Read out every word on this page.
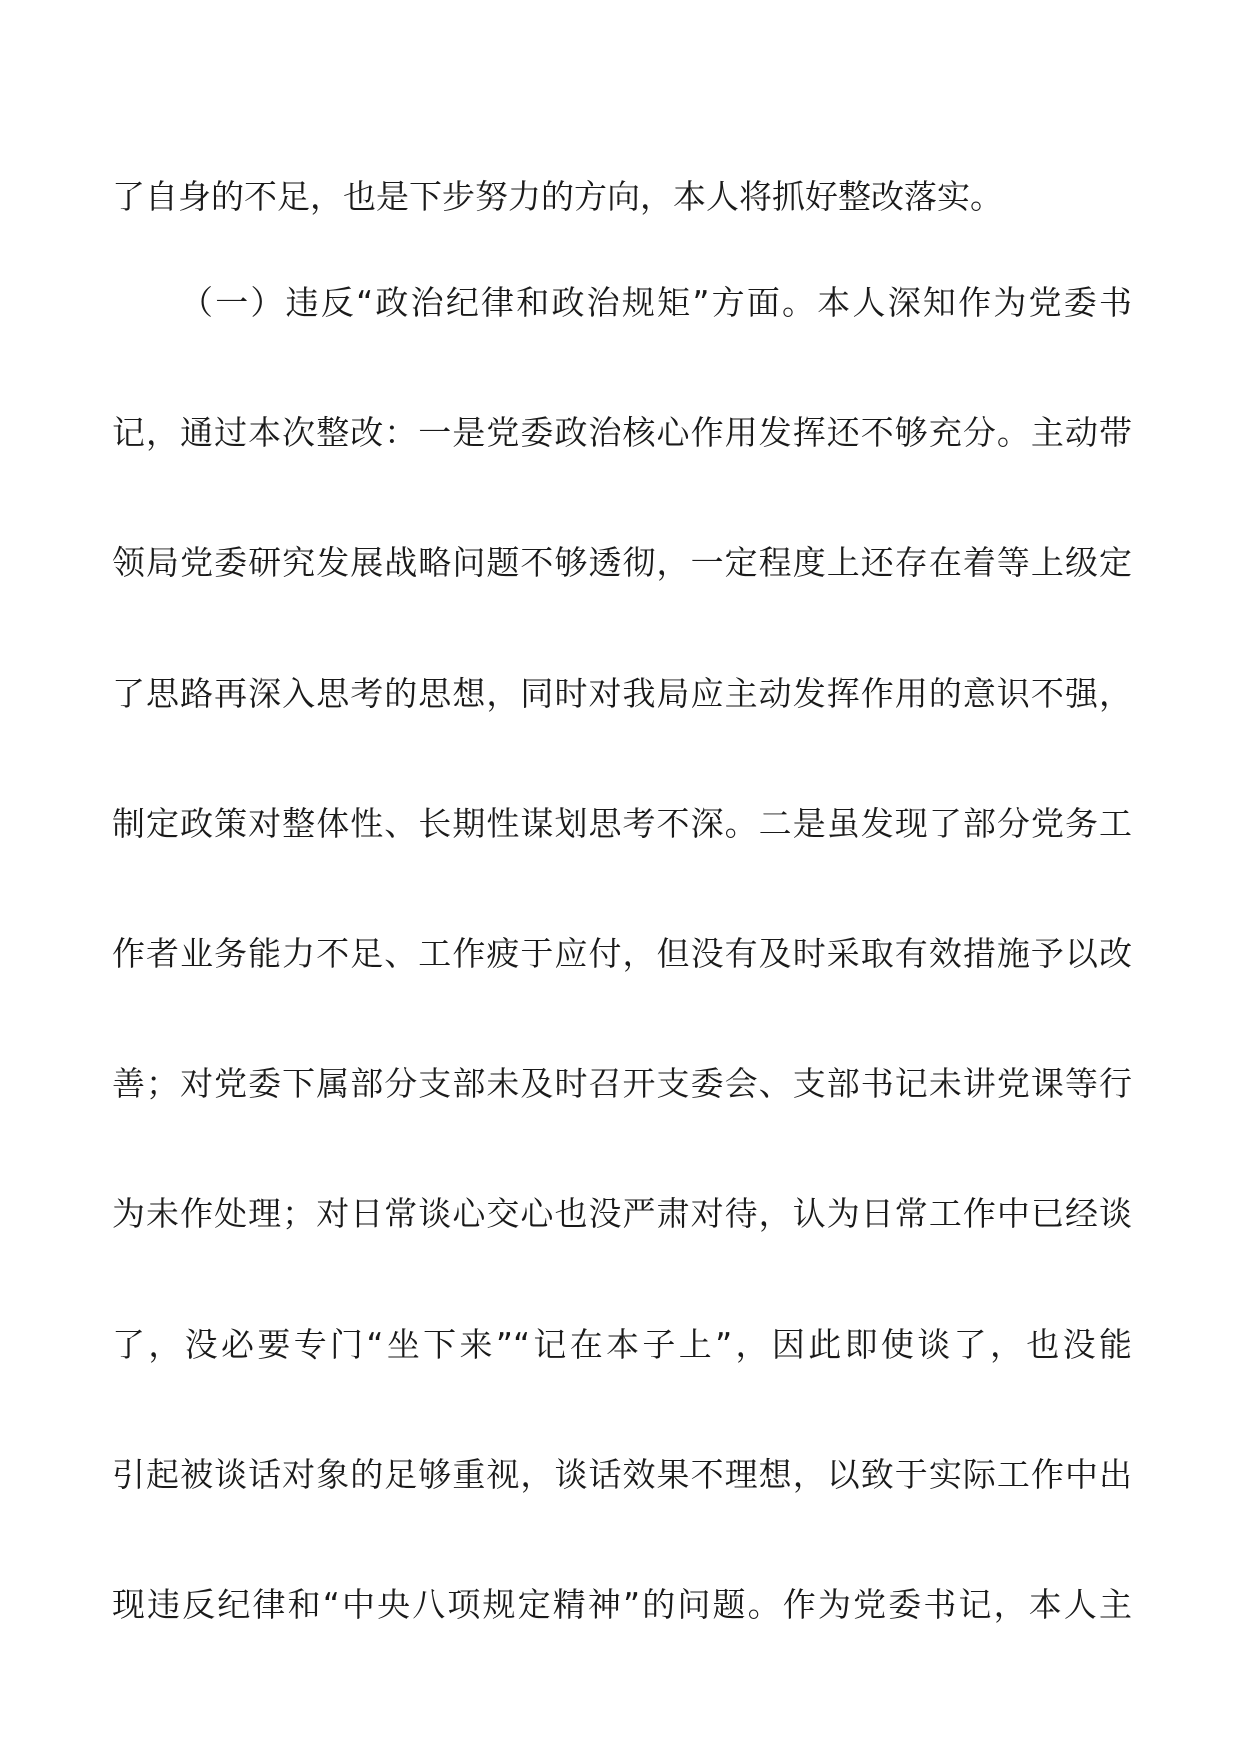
了自身的不足，也是下步努力的方向，本人将抓好整改落实。
（一）违反“政治纪律和政治规矩”方面。本人深知作为党委书
记，通过本次整改：一是党委政治核心作用发挥还不够充分。主动带
领局党委研究发展战略问题不够透彻，一定程度上还存在着等上级定
了思路再深入思考的思想，同时对我局应主动发挥作用的意识不强，
制定政策对整体性、长期性谋划思考不深。二是虽发现了部分党务工
作者业务能力不足、工作疲于应付，但没有及时采取有效措施予以改
善；对党委下属部分支部未及时召开支委会、支部书记未讲党课等行
为未作处理；对日常谈心交心也没严肃对待，认为日常工作中已经谈
了，没必要专门“坐下来”“记在本子上”，因此即使谈了，也没能
引起被谈话对象的足够重视，谈话效果不理想，以致于实际工作中出
现违反纪律和“中央八项规定精神”的问题。作为党委书记，本人主
